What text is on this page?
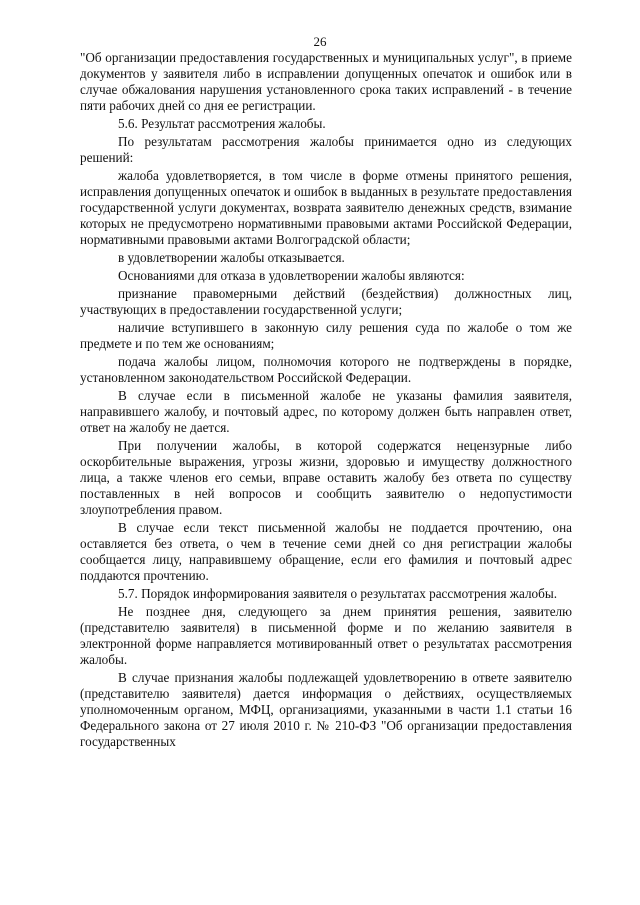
26

"Об организации предоставления государственных и муниципальных услуг", в приеме документов у заявителя либо в исправлении допущенных опечаток и ошибок или в случае обжалования нарушения установленного срока таких исправлений - в течение пяти рабочих дней со дня ее регистрации.

5.6. Результат рассмотрения жалобы.

По результатам рассмотрения жалобы принимается одно из следующих решений:

жалоба удовлетворяется, в том числе в форме отмены принятого решения, исправления допущенных опечаток и ошибок в выданных в результате предоставления государственной услуги документах, возврата заявителю денежных средств, взимание которых не предусмотрено нормативными правовыми актами Российской Федерации, нормативными правовыми актами Волгоградской области;

в удовлетворении жалобы отказывается.

Основаниями для отказа в удовлетворении жалобы являются:

признание правомерными действий (бездействия) должностных лиц, участвующих в предоставлении государственной услуги;

наличие вступившего в законную силу решения суда по жалобе о том же предмете и по тем же основаниям;

подача жалобы лицом, полномочия которого не подтверждены в порядке, установленном законодательством Российской Федерации.

В случае если в письменной жалобе не указаны фамилия заявителя, направившего жалобу, и почтовый адрес, по которому должен быть направлен ответ, ответ на жалобу не дается.

При получении жалобы, в которой содержатся нецензурные либо оскорбительные выражения, угрозы жизни, здоровью и имуществу должностного лица, а также членов его семьи, вправе оставить жалобу без ответа по существу поставленных в ней вопросов и сообщить заявителю о недопустимости злоупотребления правом.

В случае если текст письменной жалобы не поддается прочтению, она оставляется без ответа, о чем в течение семи дней со дня регистрации жалобы сообщается лицу, направившему обращение, если его фамилия и почтовый адрес поддаются прочтению.

5.7. Порядок информирования заявителя о результатах рассмотрения жалобы.

Не позднее дня, следующего за днем принятия решения, заявителю (представителю заявителя) в письменной форме и по желанию заявителя в электронной форме направляется мотивированный ответ о результатах рассмотрения жалобы.

В случае признания жалобы подлежащей удовлетворению в ответе заявителю (представителю заявителя) дается информация о действиях, осуществляемых уполномоченным органом, МФЦ, организациями, указанными в части 1.1 статьи 16 Федерального закона от 27 июля 2010 г. № 210-ФЗ "Об организации предоставления государственных
